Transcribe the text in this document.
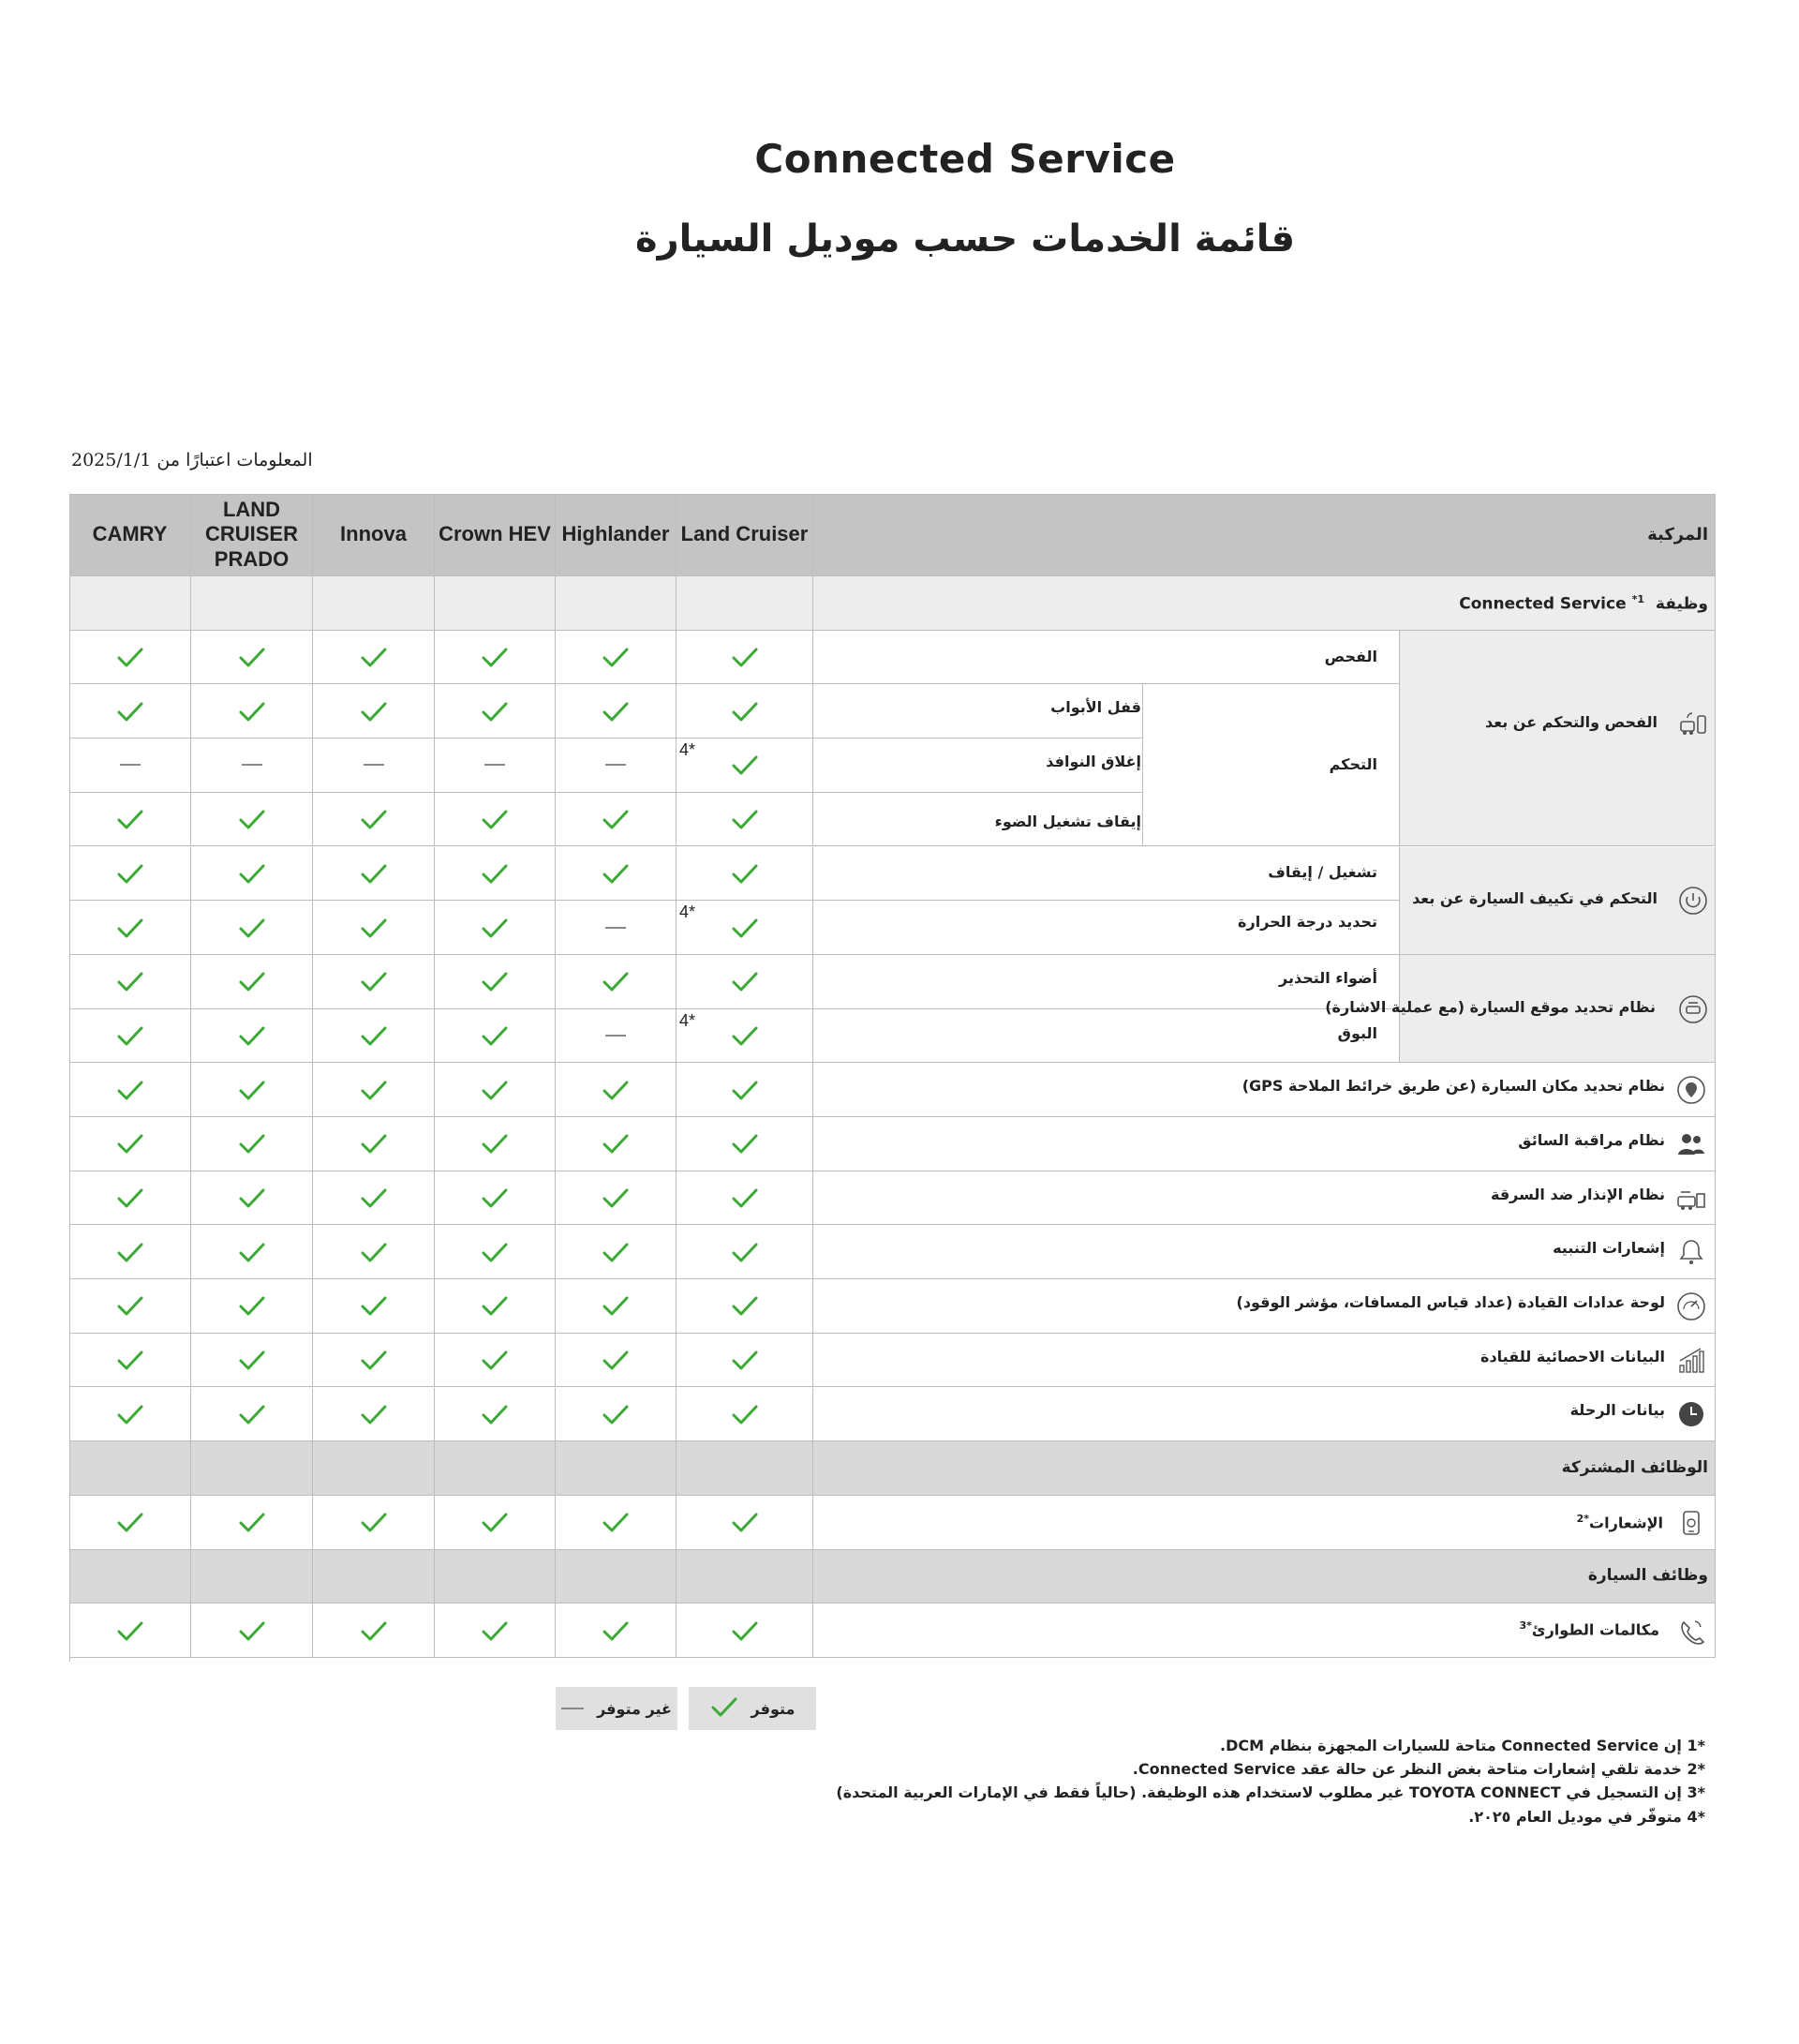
Connected Service
قائمة الخدمات حسب موديل السيارة
المعلومات اعتبارًا من 2025/1/1
CAMRY
LAND CRUISER PRADO
Innova	Crown HEV Highlander Land Cruiser	المركبة
وظيفة Connected Service$^{*1}$
4*
الفحص
قفل الأبواب
إغلاق النوافذ
إيقاف تشغيل الضوء
التحكم
الفحص والتحكم عن بعد
4*
تشغيل / إيقاف
تحديد درجة الحرارة
التحكم في تكييف السيارة عن بعد
4*
أضواء التحذير
البوق
نظام تحديد موقع السيارة (مع عملية الاشارة)
نظام تحديد مكان السيارة (عن طريق خرائط الملاحة GPS)
نظام مراقبة السائق
نظام الإنذار ضد السرقة
إشعارات التنبيه
لوحة عدادات القيادة (عداد قياس المسافات، مؤشر الوقود)
البيانات الاحصائية للقيادة
بيانات الرحلة
الوظائف المشتركة
الإشعارات$^{*2}$
وظائف السيارة
مكالمات الطوارئ$^{*3}$
متوفر
غير متوفر
*1 إن Connected Service متاحة للسيارات المجهزة بنظام DCM.
*2 خدمة تلقي إشعارات متاحة بغض النظر عن حالة عقد Connected Service.
*3 إن التسجيل في TOYOTA CONNECT غير مطلوب لاستخدام هذه الوظيفة. (حالياً فقط في الإمارات العربية المتحدة)
*4 متوفّر في موديل العام ٢٠٢٥.
